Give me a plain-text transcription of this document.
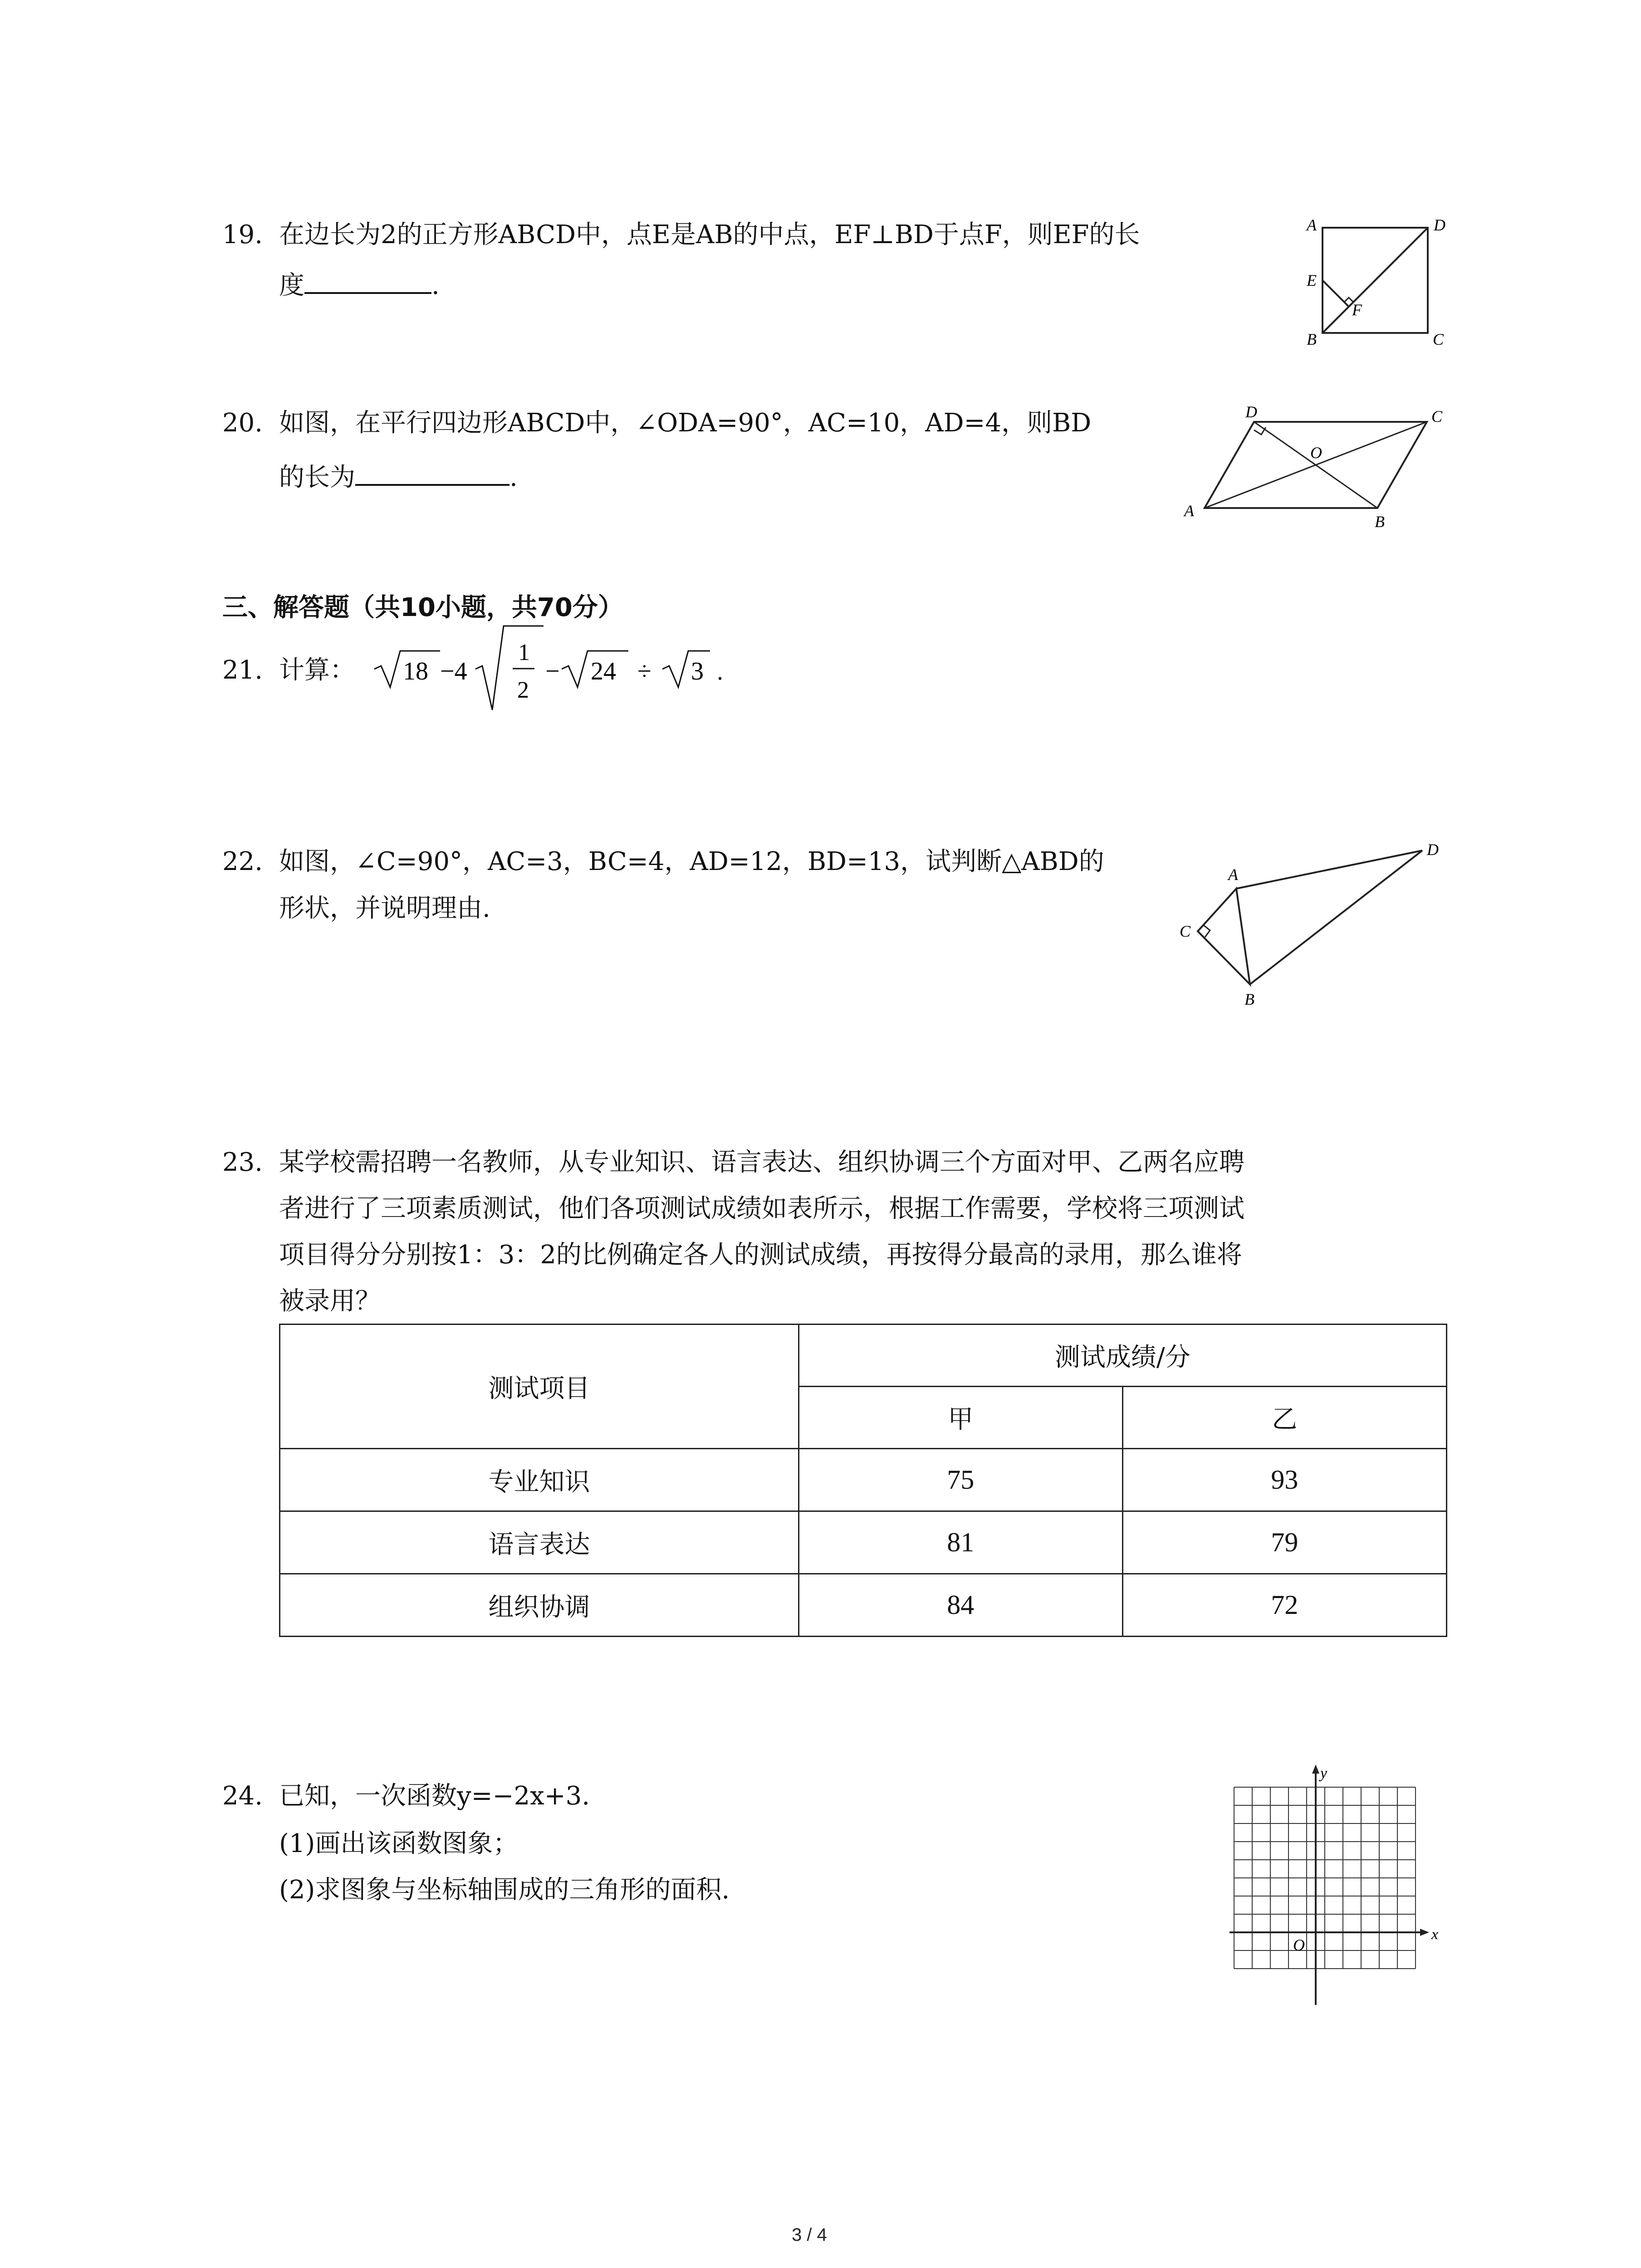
19. 在边长为2的正方形ABCD中，点E是AB的中点，EF⊥BD于点F，则EF的长
度	.
A	D
E
F
B	C
20. 如图，在平行四边形ABCD中，∠ODA=90°，AC=10，AD=4，则BD
的长为	.
D	C
O
A
B
三、解答题（共10小题，共70分）
21. 计算： 18 −4
1
2
− 24 ÷ 3 .
22. 如图，∠C=90°，AC=3，BC=4，AD=12，BD=13，试判断△ABD的
形状，并说明理由.
A
D
C
B
23. 某学校需招聘一名教师，从专业知识、语言表达、组织协调三个方面对甲、乙两名应聘
者进行了三项素质测试，他们各项测试成绩如表所示，根据工作需要，学校将三项测试
项目得分分别按1：3：2的比例确定各人的测试成绩，再按得分最高的录用，那么谁将
被录用？
测试项目	测试成绩/分	
	甲	乙
专业知识	75	93
语言表达	81	79
组织协调	84	72
24. 已知，一次函数y=−2x+3.
(1)画出该函数图象；
(2)求图象与坐标轴围成的三角形的面积.
x
y
O
3 / 4
